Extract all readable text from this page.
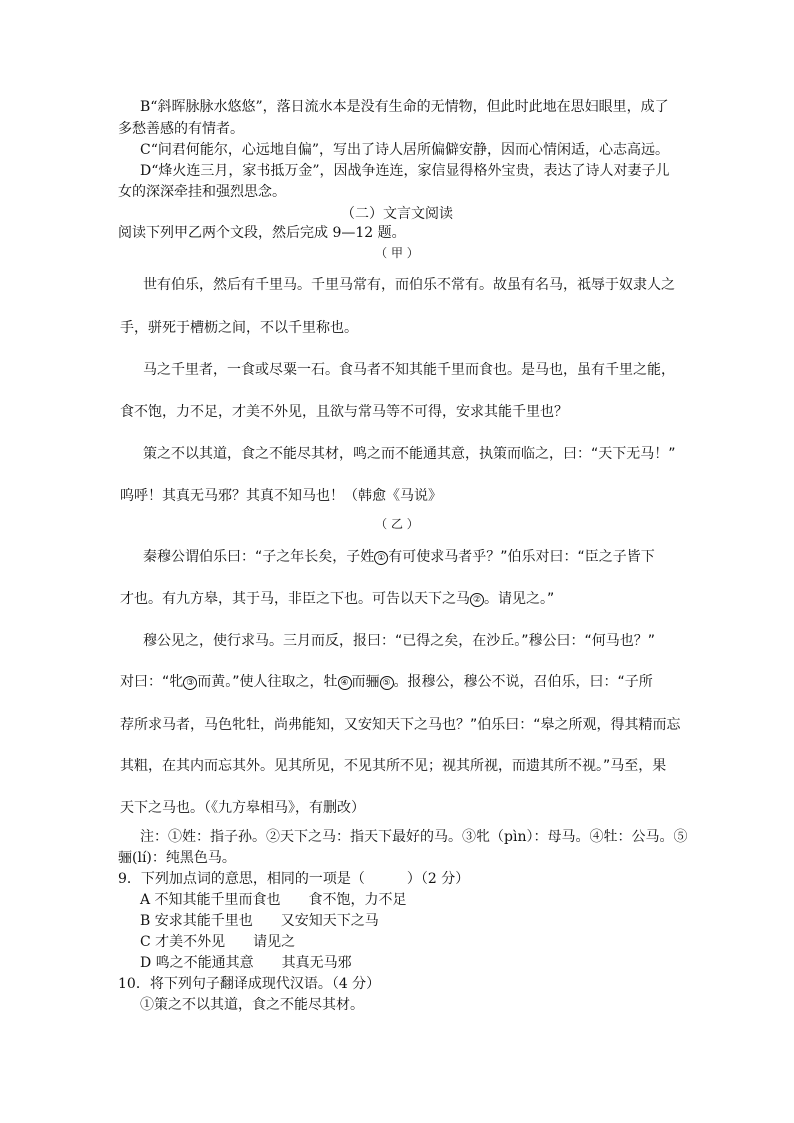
B“斜晖脉脉水悠悠”，落日流水本是没有生命的无情物，但此时此地在思妇眼里，成了
多愁善感的有情者。
C“问君何能尔，心远地自偏”，写出了诗人居所偏僻安静，因而心情闲适，心志高远。
D“烽火连三月，家书抵万金”，因战争连连，家信显得格外宝贵，表达了诗人对妻子儿
女的深深牵挂和强烈思念。
（二）文言文阅读
阅读下列甲乙两个文段，然后完成 9—12 题。
（ 甲 ）
世有伯乐，然后有千里马。千里马常有，而伯乐不常有。故虽有名马，祗辱于奴隶人之
手，骈死于槽枥之间，不以千里称也。
马之千里者，一食或尽粟一石。食马者不知其能千里而食也。是马也，虽有千里之能，
食不饱，力不足，才美不外见，且欲与常马等不可得，安求其能千里也？
策之不以其道，食之不能尽其材，鸣之而不能通其意，执策而临之，曰：“天下无马！”
呜呼！其真无马邪？其真不知马也！（韩愈《马说》
（ 乙 ）
秦穆公谓伯乐曰：“子之年长矣，子姓 ① 有可使求马者乎？”伯乐对曰：“臣之子皆下
才也。有九方皋，其于马，非臣之下也。可告以天下之马 ② 。请见之。”
穆公见之，使行求马。三月而反，报曰：“已得之矣，在沙丘。”穆公曰：“何马也？”
对曰：“牝 ③ 而黄。”使人往取之，牡 ④ 而骊 ⑤ 。报穆公，穆公不说，召伯乐，曰：“子所
荐所求马者，马色牝牡，尚弗能知，又安知天下之马也？”伯乐曰：“皋之所观，得其精而忘
其粗，在其内而忘其外。见其所见，不见其所不见；视其所视，而遗其所不视。”马至，果
天下之马也。（《九方皋相马》，有删改）
注：①姓：指子孙。②天下之马：指天下最好的马。③牝（pìn）：母马。④牡：公马。⑤
骊(lí)：纯黑色马。
9．下列加点词的意思，相同的一项是（　　　）（2 分）
A 不知其能千里而食也　　食不饱，力不足
B 安求其能千里也　　又安知天下之马
C 才美不外见　　请见之
D 鸣之不能通其意　　其真无马邪
10．将下列句子翻译成现代汉语。（4 分）
①策之不以其道，食之不能尽其材。
